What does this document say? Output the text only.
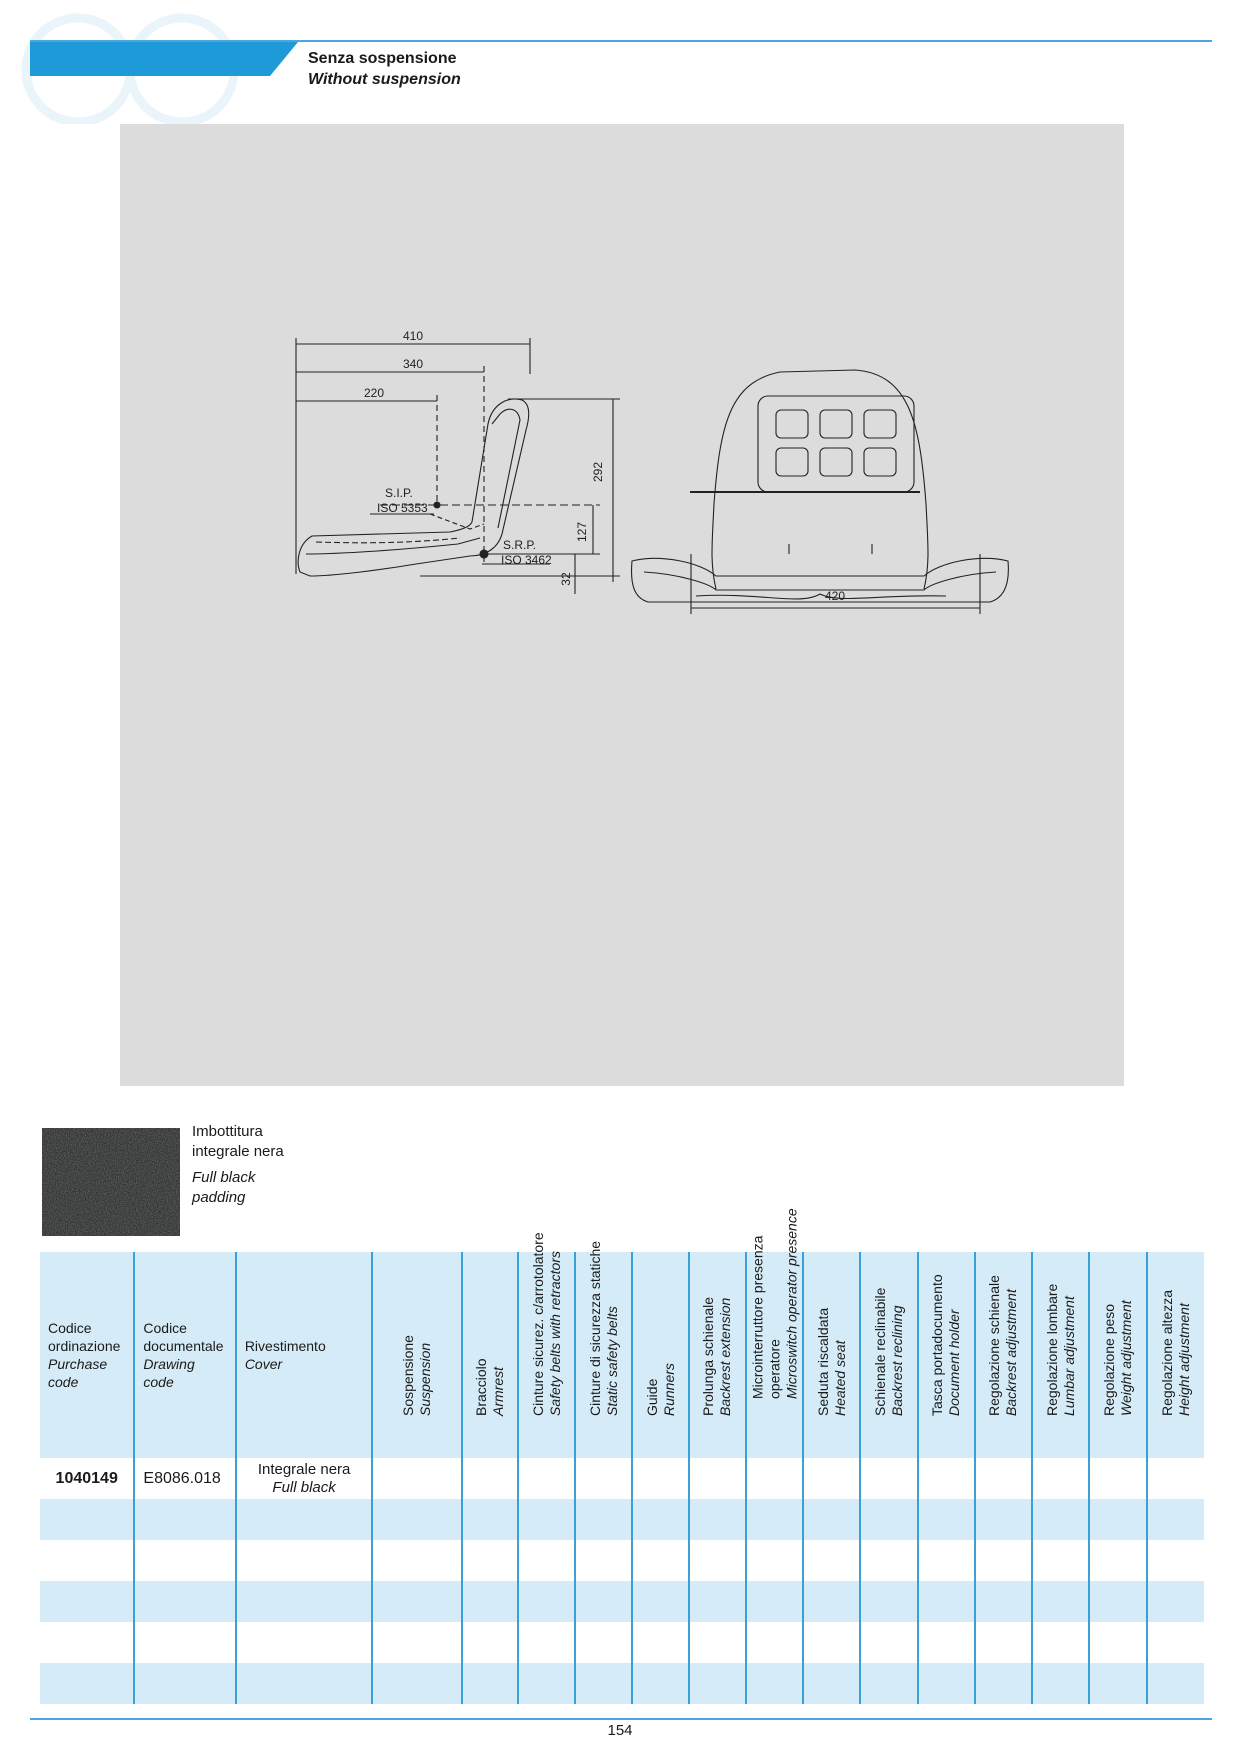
Senza sospensione
Without suspension
410
340
220
292
127
32
420
S.I.P.
ISO 5353
S.R.P.
ISO 3462
Imbottitura
integrale nera
Full black
padding
Codice
ordinazione
Purchase
code	Codice
documentale
Drawing
code	Rivestimento
Cover	Sospensione Suspension	Bracciolo Armrest	Cinture sicurez. c/arrotolatore Safety belts with retractors	Cinture di sicurezza statiche Static safety belts	Guide Runners	Prolunga schienale Backrest extension	Microinterruttore presenza operatore Microswitch operator presence	Seduta riscaldata Heated seat	Schienale reclinabile Backrest reclining	Tasca portadocumento Document holder	Regolazione schienale Backrest adjustment	Regolazione lombare Lumbar adjustment	Regolazione peso Weight adjustment	Regolazione altezza Height adjustment

1040149	E8086.018	Integrale nera
Full black														

154
